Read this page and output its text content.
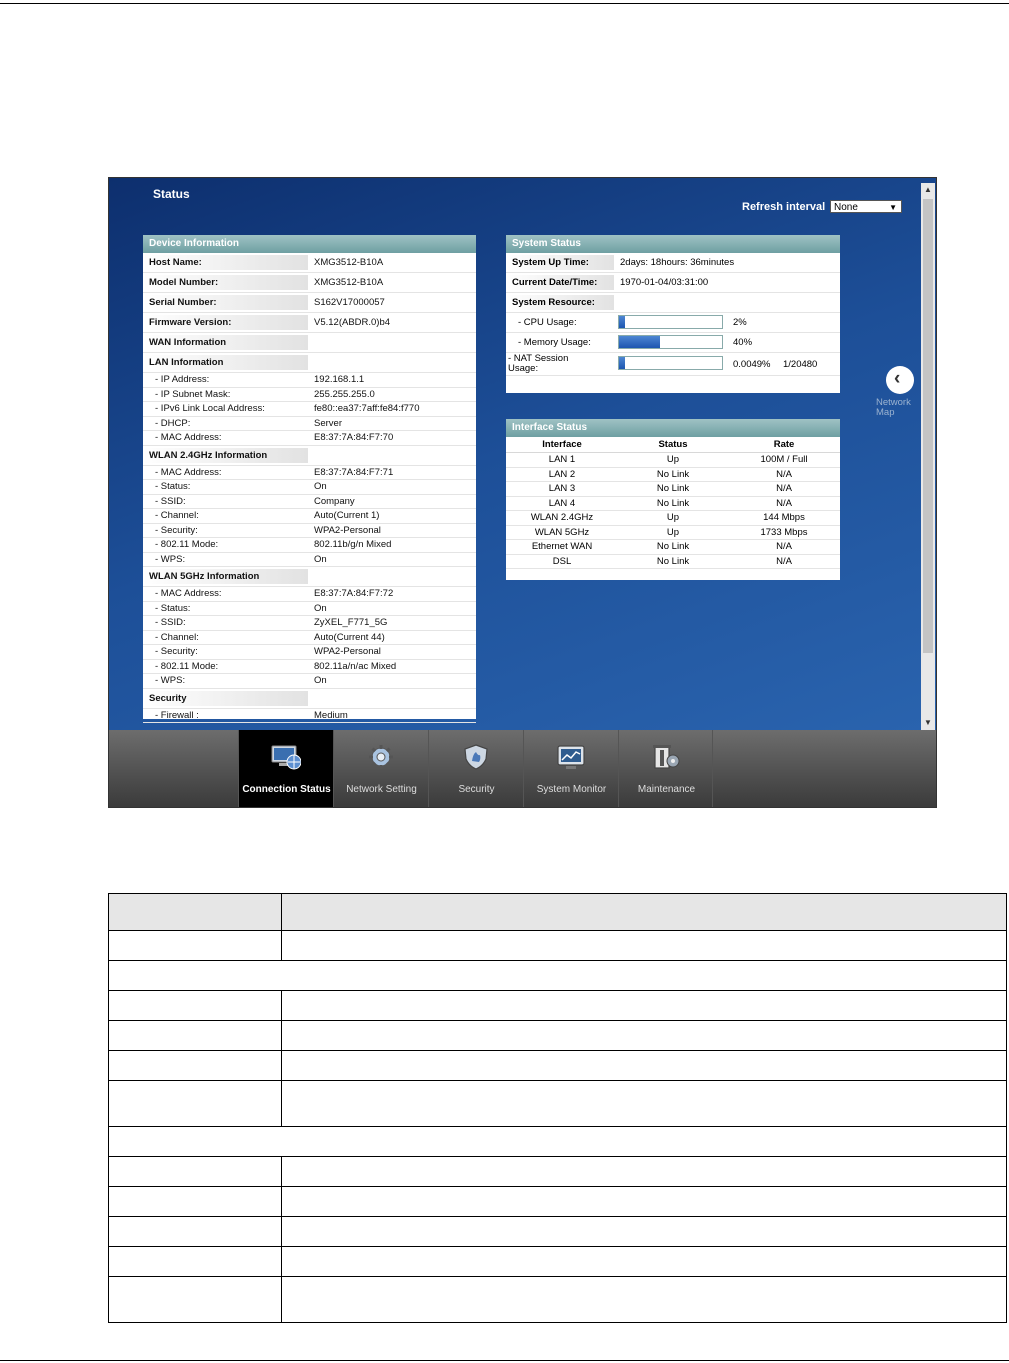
Status
Refresh interval None	▼
Device Information
Host Name:	XMG3512-B10A
Model Number:	XMG3512-B10A
Serial Number:	S162V17000057
Firmware Version:	V5.12(ABDR.0)b4
WAN Information
LAN Information
- IP Address:	192.168.1.1
- IP Subnet Mask:	255.255.255.0
- IPv6 Link Local Address:	fe80::ea37:7aff:fe84:f770
- DHCP:	Server
- MAC Address:	E8:37:7A:84:F7:70
WLAN 2.4GHz Information
- MAC Address:	E8:37:7A:84:F7:71
- Status:	On
- SSID:	Company
- Channel:	Auto(Current 1)
- Security:	WPA2-Personal
- 802.11 Mode:	802.11b/g/n Mixed
- WPS:	On
WLAN 5GHz Information
- MAC Address:	E8:37:7A:84:F7:72
- Status:	On
- SSID:	ZyXEL_F771_5G
- Channel:	Auto(Current 44)
- Security:	WPA2-Personal
- 802.11 Mode:	802.11a/n/ac Mixed
- WPS:	On
Security
- Firewall :	Medium
System Status
System Up Time:	2days: 18hours: 36minutes
Current Date/Time: 1970-01-04/03:31:00
System Resource:
- CPU Usage:	2%
- Memory Usage:	40%
- NAT Session Usage:	0.0049% 1/20480
Interface Status
Interface	Status	Rate
LAN 1	Up	100M / Full
LAN 2	No Link	N/A
LAN 3	No Link	N/A
LAN 4	No Link	N/A
WLAN 2.4GHz	Up	144 Mbps
WLAN 5GHz	Up	1733 Mbps
Ethernet WAN	No Link	N/A
DSL	No Link	N/A
‹
Network Map
▲
▼
Connection Status	Network Setting	Security	System Monitor	Maintenance
